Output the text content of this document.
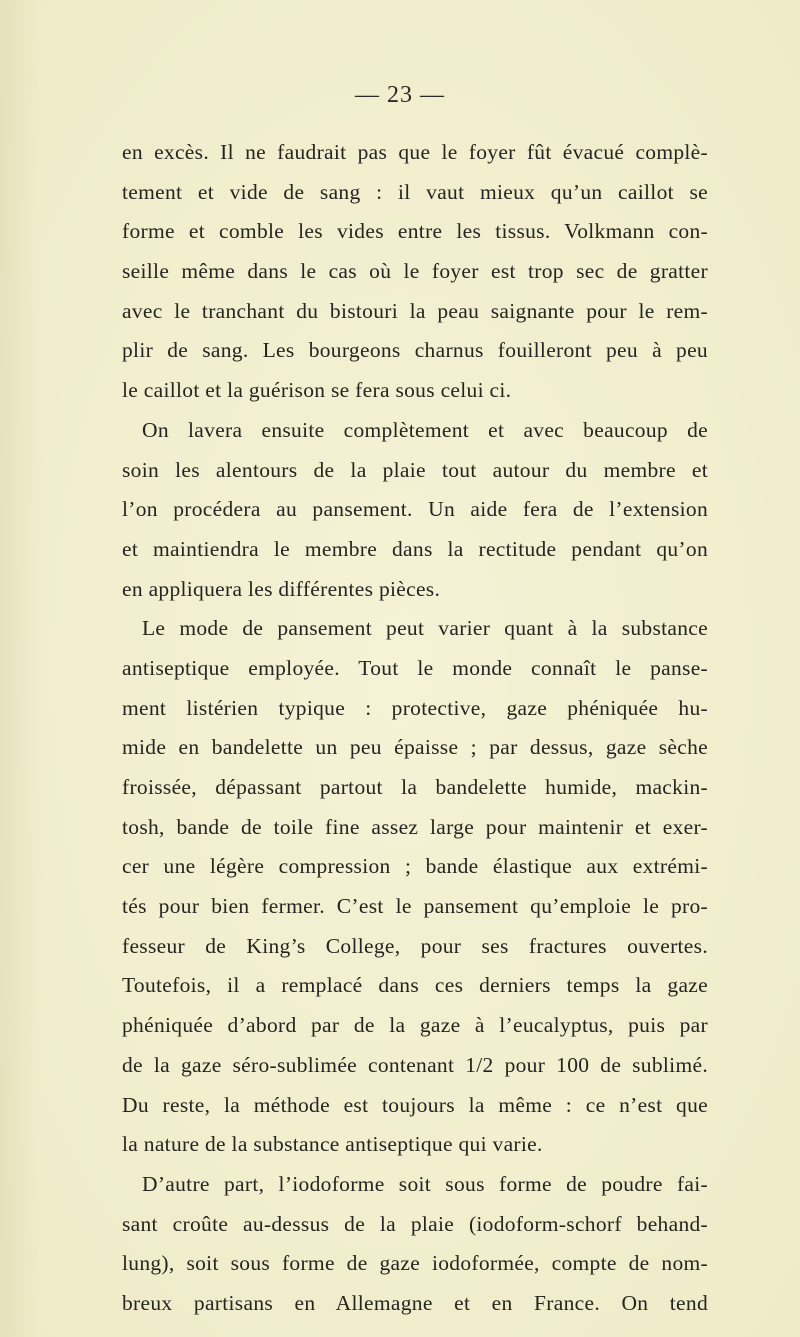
— 23 —
en excès. Il ne faudrait pas que le foyer fût évacué complè-
tement et vide de sang : il vaut mieux qu’un caillot se
forme et comble les vides entre les tissus. Volkmann con-
seille même dans le cas où le foyer est trop sec de gratter
avec le tranchant du bistouri la peau saignante pour le rem-
plir de sang. Les bourgeons charnus fouilleront peu à peu
le caillot et la guérison se fera sous celui ci.
On lavera ensuite complètement et avec beaucoup de
soin les alentours de la plaie tout autour du membre et
l’on procédera au pansement. Un aide fera de l’extension
et maintiendra le membre dans la rectitude pendant qu’on
en appliquera les différentes pièces.
Le mode de pansement peut varier quant à la substance
antiseptique employée. Tout le monde connaît le panse-
ment listérien typique : protective, gaze phéniquée hu-
mide en bandelette un peu épaisse ; par dessus, gaze sèche
froissée, dépassant partout la bandelette humide, mackin-
tosh, bande de toile fine assez large pour maintenir et exer-
cer une légère compression ; bande élastique aux extrémi-
tés pour bien fermer. C’est le pansement qu’emploie le pro-
fesseur de King’s College, pour ses fractures ouvertes.
Toutefois, il a remplacé dans ces derniers temps la gaze
phéniquée d’abord par de la gaze à l’eucalyptus, puis par
de la gaze séro-sublimée contenant 1/2 pour 100 de sublimé.
Du reste, la méthode est toujours la même : ce n’est que
la nature de la substance antiseptique qui varie.
D’autre part, l’iodoforme soit sous forme de poudre fai-
sant croûte au-dessus de la plaie (iodoform-schorf behand-
lung), soit sous forme de gaze iodoformée, compte de nom-
breux partisans en Allemagne et en France. On tend
